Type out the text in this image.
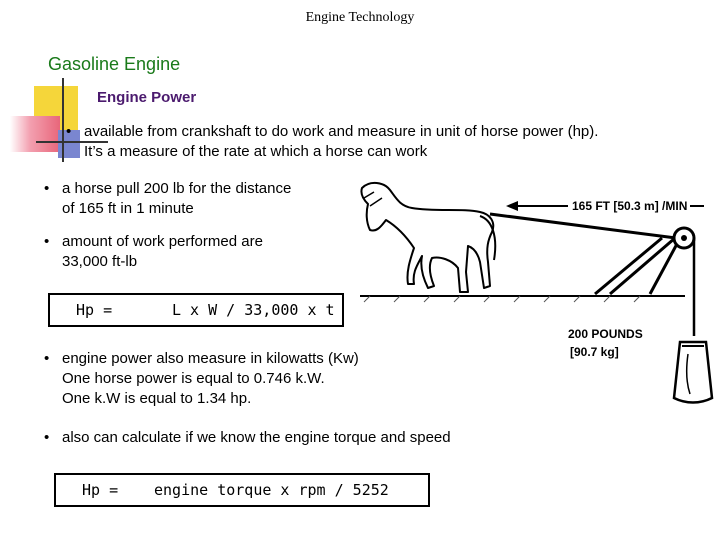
Engine Technology
Gasoline Engine
Engine Power
• available from crankshaft to do work and measure in unit of horse power (hp).
It’s a measure of the rate at which a horse can work
• a horse pull 200 lb for the distance
of 165 ft in 1 minute
• amount of work performed are
33,000 ft-lb
Hp =	L x W / 33,000 x t
• engine power also measure in kilowatts (Kw)
One horse power is equal to 0.746 k.W.
One k.W is equal to 1.34 hp.
• also can calculate if we know the engine torque and speed
Hp = engine torque x rpm / 5252
165 FT [50.3 m] /MIN
200 POUNDS
[90.7 kg]
